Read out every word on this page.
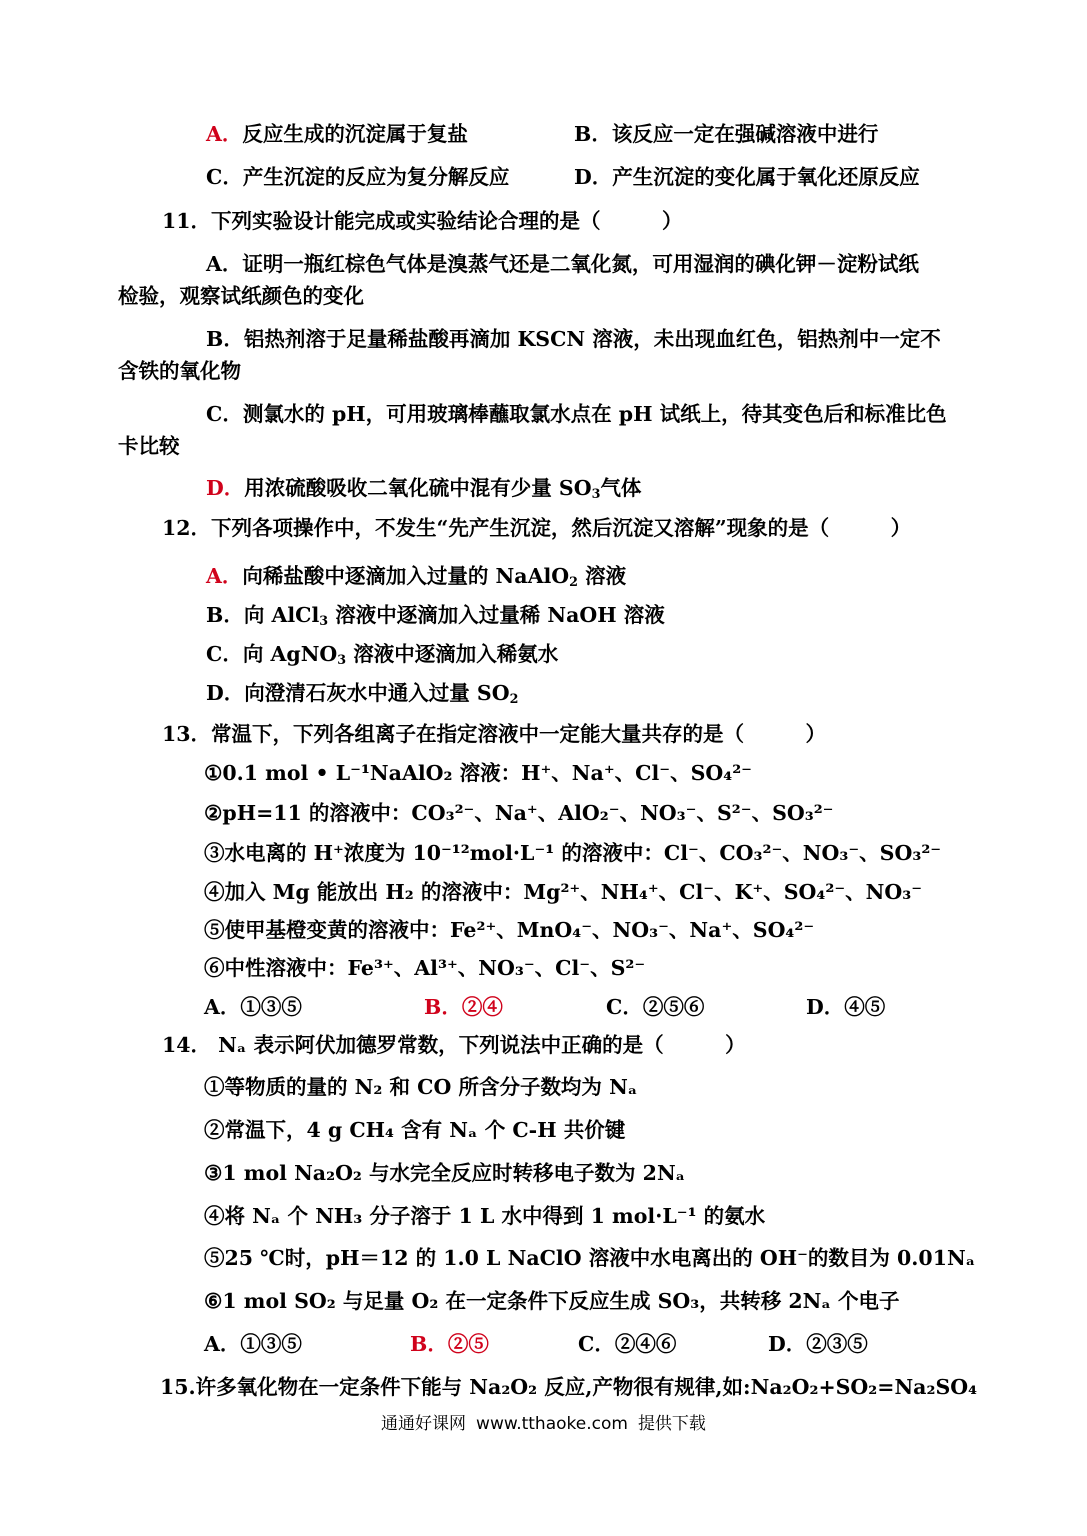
A．反应生成的沉淀属于复盐	B．该反应一定在强碱溶液中进行
C．产生沉淀的反应为复分解反应	D．产生沉淀的变化属于氧化还原反应
11．下列实验设计能完成或实验结论合理的是（　　　）
A．证明一瓶红棕色气体是溴蒸气还是二氧化氮，可用湿润的碘化钾－淀粉试纸
检验，观察试纸颜色的变化
B．铝热剂溶于足量稀盐酸再滴加 KSCN 溶液，未出现血红色，铝热剂中一定不
含铁的氧化物
C．测氯水的 pH，可用玻璃棒蘸取氯水点在 pH 试纸上，待其变色后和标准比色
卡比较
D．用浓硫酸吸收二氧化硫中混有少量 $SO_3$气体
12．下列各项操作中，不发生“先产生沉淀，然后沉淀又溶解”现象的是（　　　）
A．向稀盐酸中逐滴加入过量的 NaAlO$_2$ 溶液
B．向 AlCl$_3$ 溶液中逐滴加入过量稀 NaOH 溶液
C．向 AgNO$_3$ 溶液中逐滴加入稀氨水
D．向澄清石灰水中通入过量 $SO_2$
13．常温下，下列各组离子在指定溶液中一定能大量共存的是（　　　）
①0.1 mol • L⁻¹NaAlO₂ 溶液：H⁺、Na⁺、Cl⁻、SO₄²⁻
②pH=11 的溶液中：CO₃²⁻、Na⁺、AlO₂⁻、NO₃⁻、S²⁻、SO₃²⁻
③水电离的 H⁺浓度为 10⁻¹²mol·L⁻¹ 的溶液中：Cl⁻、CO₃²⁻、NO₃⁻、SO₃²⁻
④加入 Mg 能放出 H₂ 的溶液中：Mg²⁺、NH₄⁺、Cl⁻、K⁺、SO₄²⁻、NO₃⁻
⑤使甲基橙变黄的溶液中：Fe²⁺、MnO₄⁻、NO₃⁻、Na⁺、SO₄²⁻
⑥中性溶液中：Fe³⁺、Al³⁺、NO₃⁻、Cl⁻、S²⁻
A．①③⑤	B．②④	C．②⑤⑥	D．④⑤
14． Nₐ 表示阿伏加德罗常数，下列说法中正确的是（　　　）
①等物质的量的 N₂ 和 CO 所含分子数均为 Nₐ
②常温下，4 g CH₄ 含有 Nₐ 个 C-H 共价键
③1 mol Na₂O₂ 与水完全反应时转移电子数为 2Nₐ
④将 Nₐ 个 NH₃ 分子溶于 1 L 水中得到 1 mol·L⁻¹ 的氨水
⑤25 ℃时，pH＝12 的 1.0 L NaClO 溶液中水电离出的 OH⁻的数目为 0.01Nₐ
⑥1 mol SO₂ 与足量 O₂ 在一定条件下反应生成 SO₃，共转移 2Nₐ 个电子
A．①③⑤	B．②⑤	C．②④⑥	D．②③⑤
15.许多氧化物在一定条件下能与 Na₂O₂ 反应,产物很有规律,如:Na₂O₂+SO₂=Na₂SO₄
通通好课网 www.tthaoke.com 提供下载
